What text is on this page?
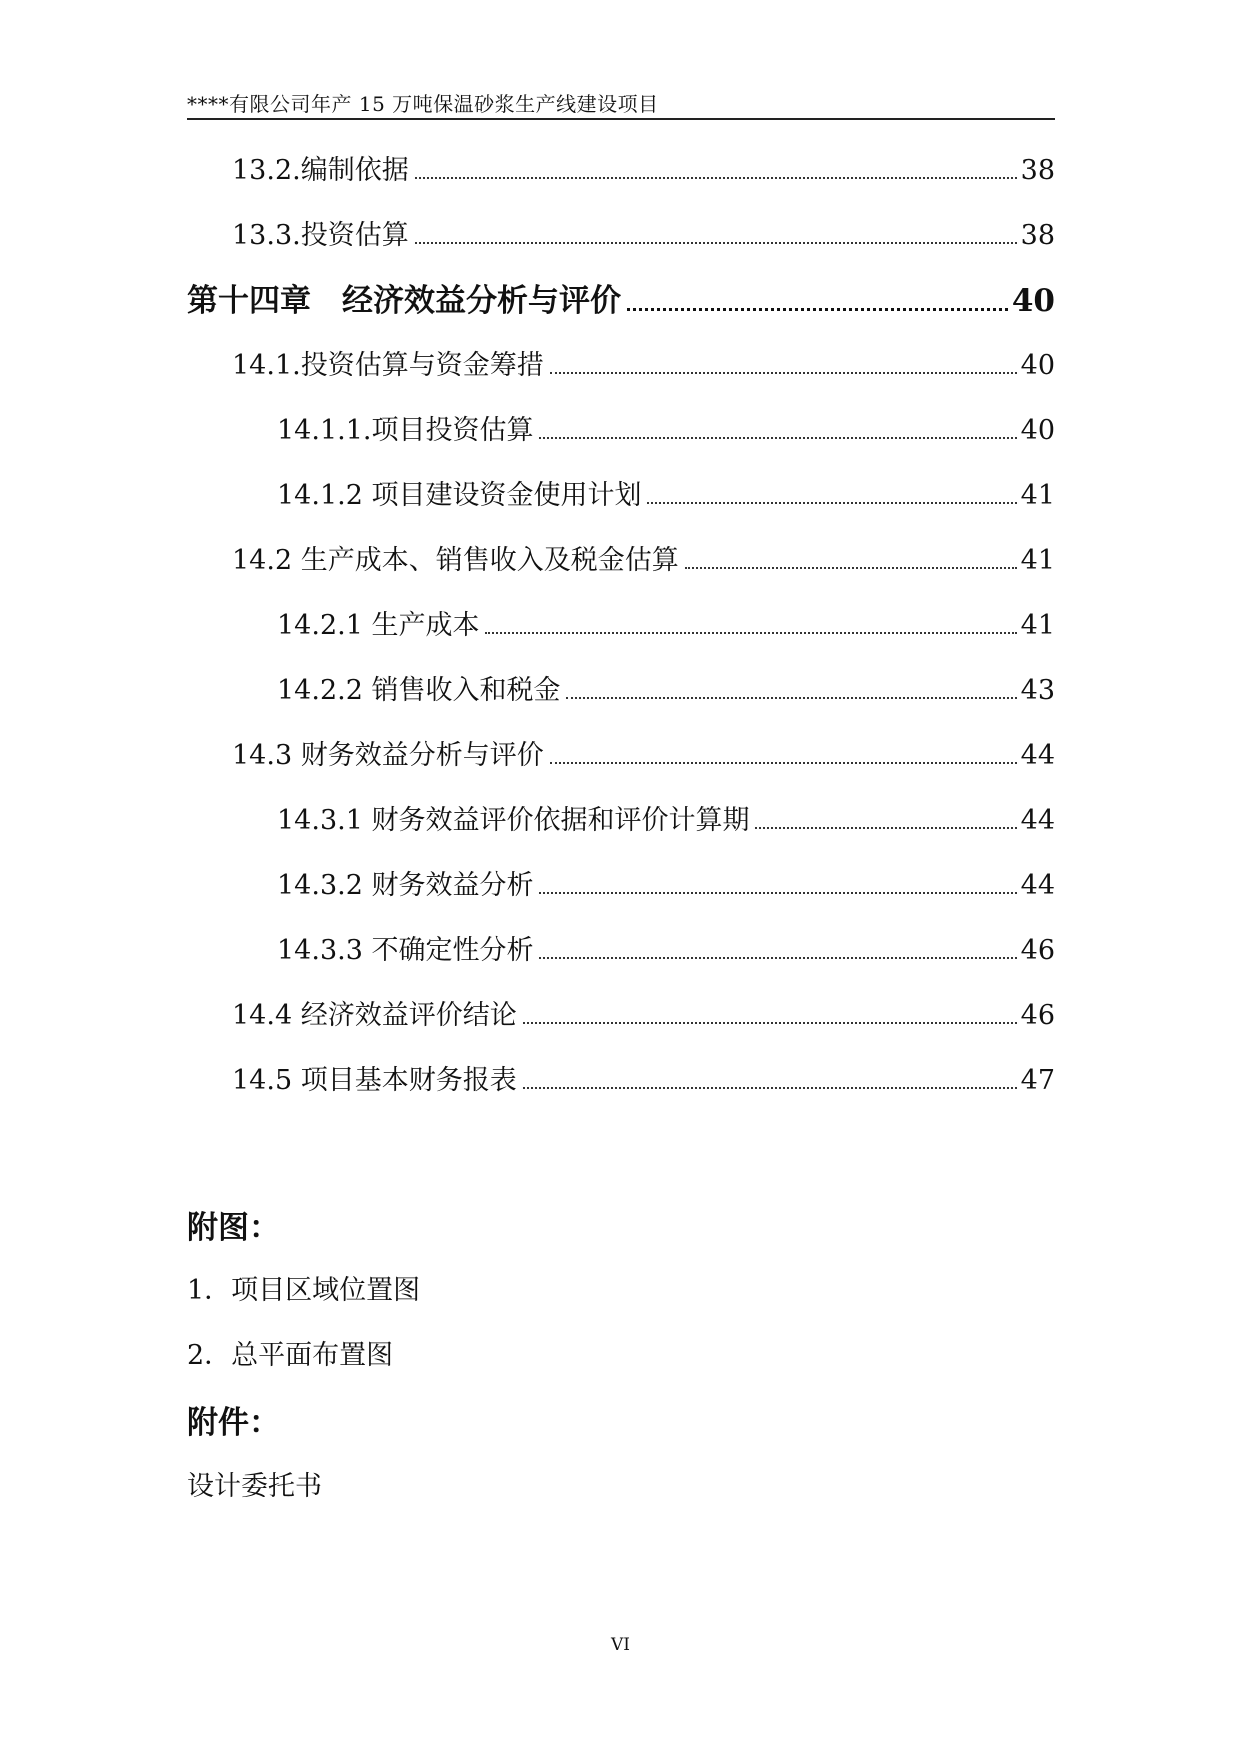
****有限公司年产 15 万吨保温砂浆生产线建设项目
13.2.编制依据	38
13.3.投资估算	38
第十四章　经济效益分析与评价	40
14.1.投资估算与资金筹措	40
14.1.1.项目投资估算	40
14.1.2 项目建设资金使用计划	41
14.2 生产成本、销售收入及税金估算	41
14.2.1 生产成本	41
14.2.2 销售收入和税金	43
14.3 财务效益分析与评价	44
14.3.1 财务效益评价依据和评价计算期	44
14.3.2 财务效益分析	44
14.3.3 不确定性分析	46
14.4 经济效益评价结论	46
14.5 项目基本财务报表	47
附图：
1．项目区域位置图
2．总平面布置图
附件：
设计委托书
VI
